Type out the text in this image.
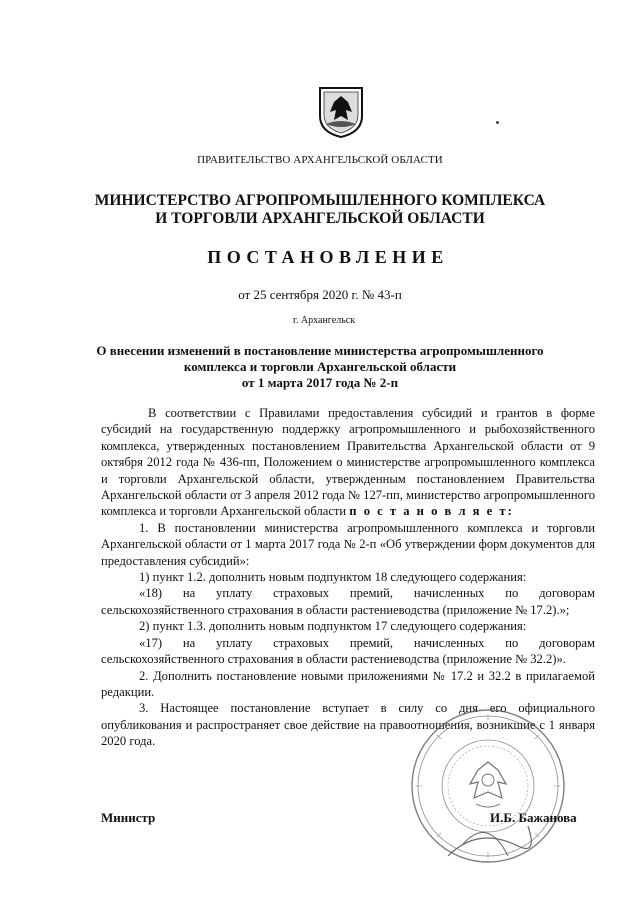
ПРАВИТЕЛЬСТВО АРХАНГЕЛЬСКОЙ ОБЛАСТИ
МИНИСТЕРСТВО АГРОПРОМЫШЛЕННОГО КОМПЛЕКСА
И ТОРГОВЛИ АРХАНГЕЛЬСКОЙ ОБЛАСТИ
ПОСТАНОВЛЕНИЕ
от 25 сентября 2020 г. № 43-п
г. Архангельск
О внесении изменений в постановление министерства агропромышленного
комплекса и торговли Архангельской области
от 1 марта 2017 года № 2-п

В соответствии с Правилами предоставления субсидий и грантов в форме субсидий на государственную поддержку агропромышленного и рыбохозяйственного комплекса, утвержденных постановлением Правительства Архангельской области от 9 октября 2012 года № 436-пп, Положением о министерстве агропромышленного комплекса и торговли Архангельской области, утвержденным постановлением Правительства Архангельской области от 3 апреля 2012 года № 127-пп, министерство агропромышленного комплекса и торговли Архангельской области п о с т а н о в л я е т:

1. В постановлении министерства агропромышленного комплекса и торговли Архангельской области от 1 марта 2017 года № 2-п «Об утверждении форм документов для предоставления субсидий»:

1) пункт 1.2. дополнить новым подпунктом 18 следующего содержания:

«18) на уплату страховых премий, начисленных по договорам сельскохозяйственного страхования в области растениеводства (приложение № 17.2).»;

2) пункт 1.3. дополнить новым подпунктом 17 следующего содержания:

«17) на уплату страховых премий, начисленных по договорам сельскохозяйственного страхования в области растениеводства (приложение № 32.2)».

2. Дополнить постановление новыми приложениями № 17.2 и 32.2 в прилагаемой редакции.

3. Настоящее постановление вступает в силу со дня его официального опубликования и распространяет свое действие на правоотношения, возникшие с 1 января 2020 года.

Министр	И.Б. Бажанова
